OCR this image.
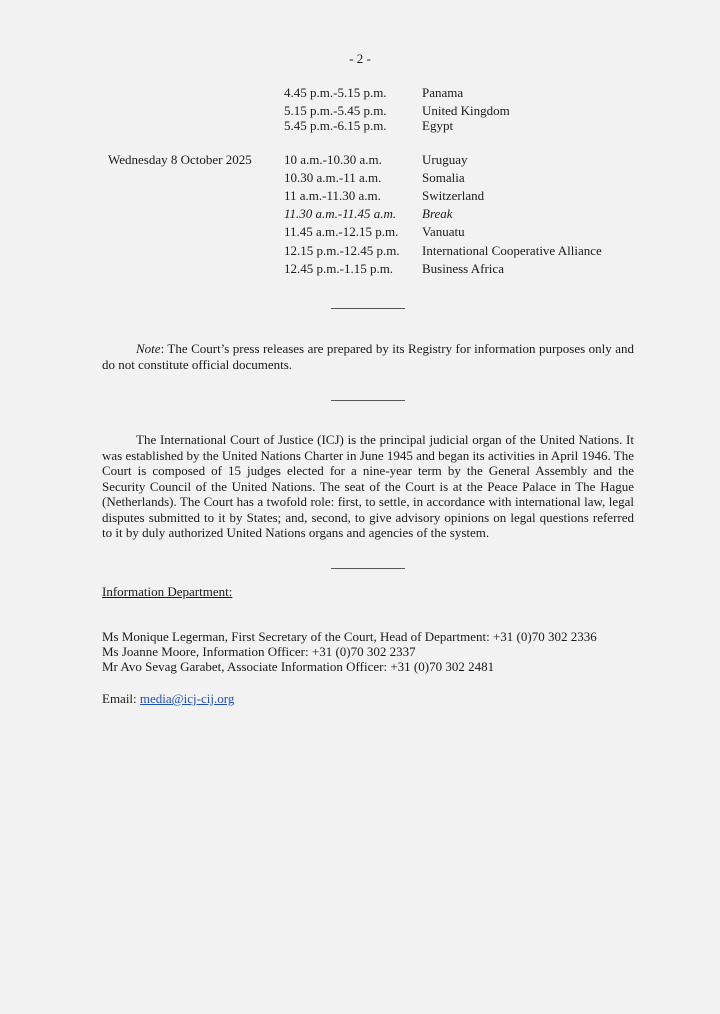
- 2 -
4.45 p.m.-5.15 p.m.	Panama
5.15 p.m.-5.45 p.m.	United Kingdom
5.45 p.m.-6.15 p.m.	Egypt
Wednesday 8 October 2025 10 a.m.-10.30 a.m.	Uruguay
10.30 a.m.-11 a.m.	Somalia
11 a.m.-11.30 a.m.	Switzerland
11.30 a.m.-11.45 a.m. Break
11.45 a.m.-12.15 p.m. Vanuatu
12.15 p.m.-12.45 p.m. International Cooperative Alliance
12.45 p.m.-1.15 p.m. Business Africa

Note: The Court’s press releases are prepared by its Registry for information purposes only and do not constitute official documents.

The International Court of Justice (ICJ) is the principal judicial organ of the United Nations. It was established by the United Nations Charter in June 1945 and began its activities in April 1946. The Court is composed of 15 judges elected for a nine-year term by the General Assembly and the Security Council of the United Nations. The seat of the Court is at the Peace Palace in The Hague (Netherlands). The Court has a twofold role: first, to settle, in accordance with international law, legal disputes submitted to it by States; and, second, to give advisory opinions on legal questions referred to it by duly authorized United Nations organs and agencies of the system.

Information Department:
Ms Monique Legerman, First Secretary of the Court, Head of Department: +31 (0)70 302 2336
Ms Joanne Moore, Information Officer: +31 (0)70 302 2337
Mr Avo Sevag Garabet, Associate Information Officer: +31 (0)70 302 2481
Email: media@icj-cij.org
